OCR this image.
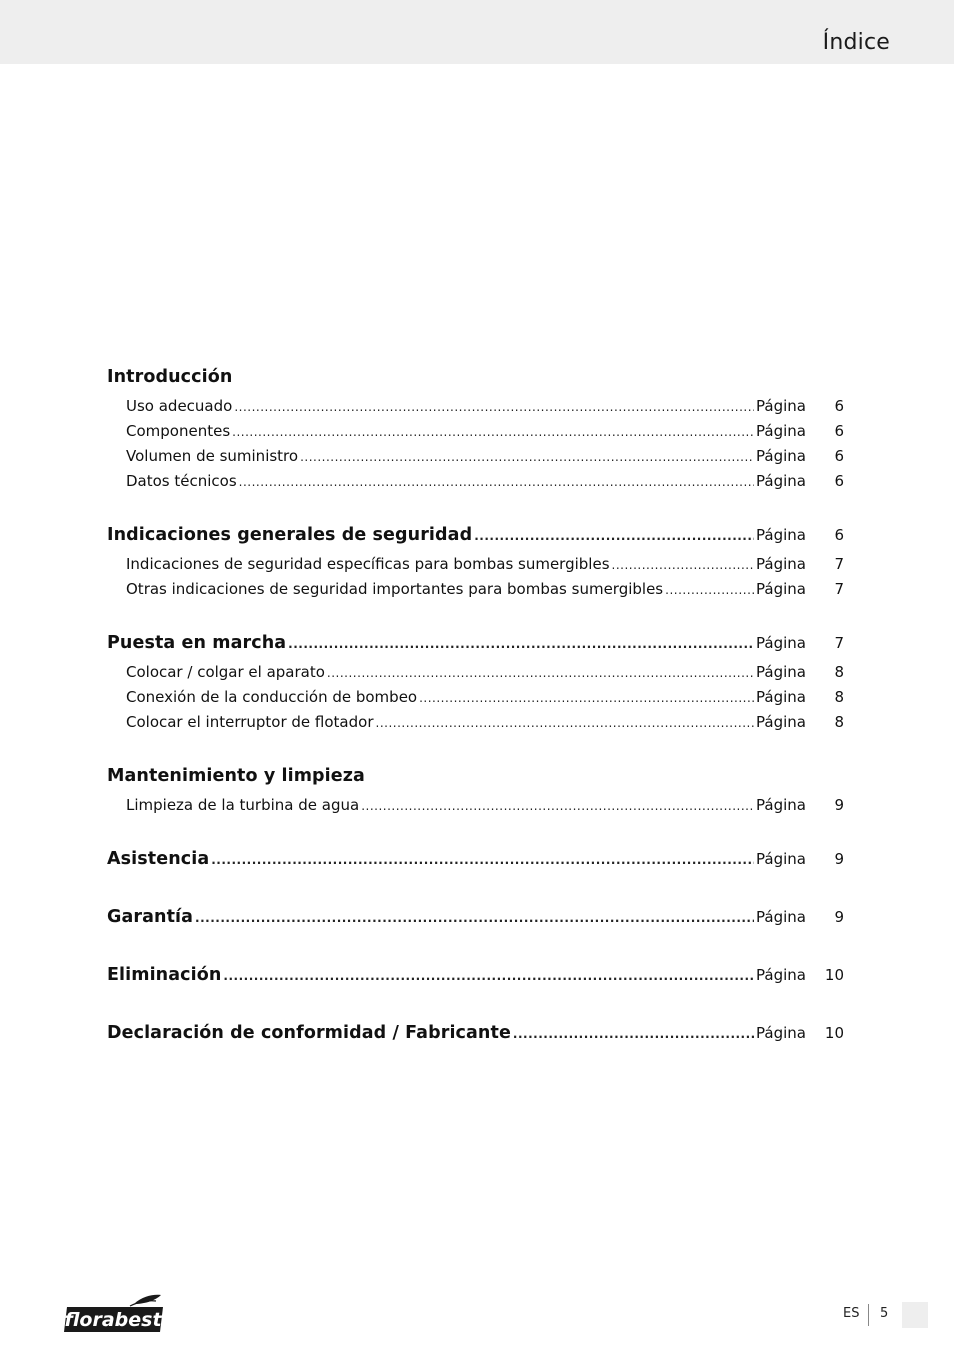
Índice
Introducción
Uso adecuado .....	Página	6
Componentes .....	Página	6
Volumen de suministro .....	Página	6
Datos técnicos .....	Página	6
Indicaciones generales de seguridad .....	Página	6
Indicaciones de seguridad específicas para bombas sumergibles .....	Página	7
Otras indicaciones de seguridad importantes para bombas sumergibles .....	Página	7
Puesta en marcha .....	Página	7
Colocar / colgar el aparato .....	Página	8
Conexión de la conducción de bombeo .....	Página	8
Colocar el interruptor de flotador .....	Página	8
Mantenimiento y limpieza
Limpieza de la turbina de agua .....	Página	9
Asistencia .....	Página	9
Garantía .....	Página	9
Eliminación .....	Página	10
Declaración de conformidad / Fabricante .....	Página	10
florabest	ES 5
